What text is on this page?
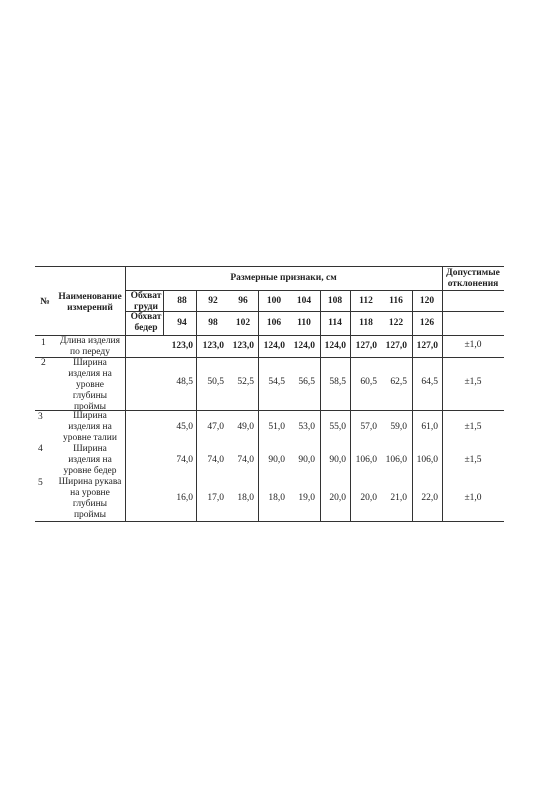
Размерные признаки, см	Допустимые
отклонения
№ Наименование
измерений
Обхват
груди
Обхват
бедер
88	92	96	100	104	108	112	116	120
94	98	102	106	110	114	118	122	126
1	Длина изделия
по переду
123,0	123,0 123,0	124,0 124,0	124,0	127,0 127,0	127,0	±1,0
2	Ширина
изделия на
уровне
глубины
проймы
48,5	50,5	52,5	54,5	56,5	58,5	60,5	62,5	64,5	±1,5
3	Ширина
изделия на
уровне талии
45,0	47,0	49,0	51,0	53,0	55,0	57,0	59,0	61,0	±1,5
4	Ширина
изделия на
уровне бедер
74,0	74,0	74,0	90,0	90,0	90,0	106,0 106,0	106,0	±1,5
5	Ширина рукава
на уровне
глубины
проймы
16,0	17,0	18,0	18,0	19,0	20,0	20,0	21,0	22,0	±1,0
